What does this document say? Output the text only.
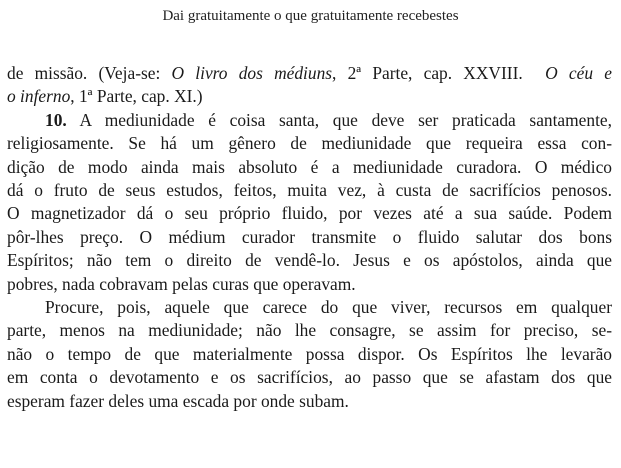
Dai gratuitamente o que gratuitamente recebestes
de missão. (Veja-se: O livro dos médiuns, 2ª Parte, cap. XXVIII.  O céu e
o inferno, 1ª Parte, cap. XI.)
10. A mediunidade é coisa santa, que deve ser praticada santamente,
religiosamente. Se há um gênero de mediunidade que requeira essa con-
dição de modo ainda mais absoluto é a mediunidade curadora. O médico
dá o fruto de seus estudos, feitos, muita vez, à custa de sacrifícios penosos.
O magnetizador dá o seu próprio fluido, por vezes até a sua saúde. Podem
pôr-lhes preço. O médium curador transmite o fluido salutar dos bons
Espíritos; não tem o direito de vendê-lo. Jesus e os apóstolos, ainda que
pobres, nada cobravam pelas curas que operavam.
Procure, pois, aquele que carece do que viver, recursos em qualquer
parte, menos na mediunidade; não lhe consagre, se assim for preciso, se-
não o tempo de que materialmente possa dispor. Os Espíritos lhe levarão
em conta o devotamento e os sacrifícios, ao passo que se afastam dos que
esperam fazer deles uma escada por onde subam.
